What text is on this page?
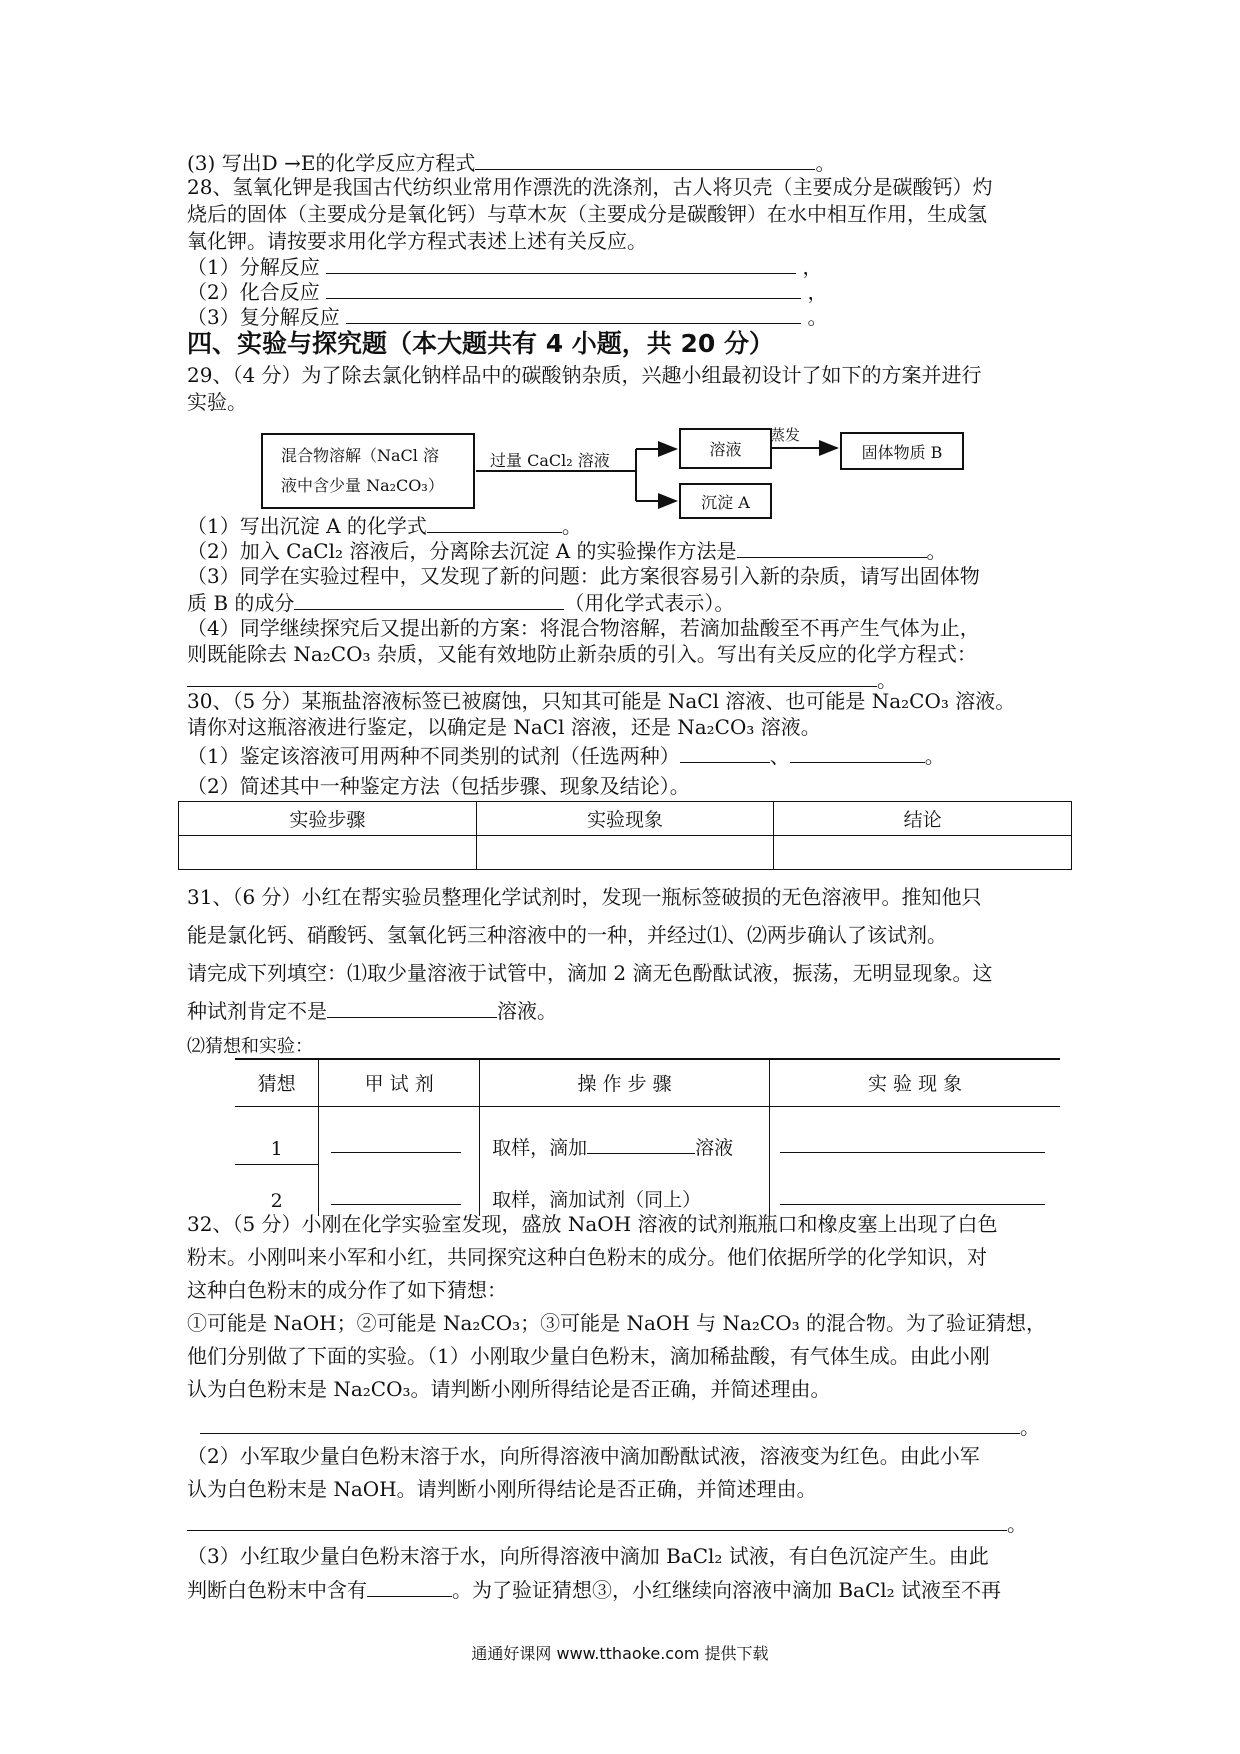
(3) 写出D →E的化学反应方程式	。
28、氢氧化钾是我国古代纺织业常用作漂洗的洗涤剂，古人将贝壳（主要成分是碳酸钙）灼
烧后的固体（主要成分是氧化钙）与草木灰（主要成分是碳酸钾）在水中相互作用，生成氢
氧化钾。请按要求用化学方程式表述上述有关反应。
（1）分解反应	，
（2）化合反应	，
（3）复分解反应	。
四、实验与探究题（本大题共有 4 小题，共 20 分）
29、（4 分）为了除去氯化钠样品中的碳酸钠杂质，兴趣小组最初设计了如下的方案并进行
实验。
混合物溶解（NaCl 溶
液中含少量 Na₂CO₃）
溶液	固体物质 B
沉淀 A
过量 CaCl₂ 溶液
蒸发
（1）写出沉淀 A 的化学式	。
（2）加入 CaCl₂ 溶液后，分离除去沉淀 A 的实验操作方法是	。
（3）同学在实验过程中，又发现了新的问题：此方案很容易引入新的杂质，请写出固体物
质 B 的成分	（用化学式表示）。
（4）同学继续探究后又提出新的方案：将混合物溶解，若滴加盐酸至不再产生气体为止，
则既能除去 Na₂CO₃ 杂质，又能有效地防止新杂质的引入。写出有关反应的化学方程式：
。
30、（5 分）某瓶盐溶液标签已被腐蚀，只知其可能是 NaCl 溶液、也可能是 Na₂CO₃ 溶液。
请你对这瓶溶液进行鉴定，以确定是 NaCl 溶液，还是 Na₂CO₃ 溶液。
（1）鉴定该溶液可用两种不同类别的试剂（任选两种）	、	。
（2）简述其中一种鉴定方法（包括步骤、现象及结论）。
实验步骤	实验现象	结论

31、（6 分）小红在帮实验员整理化学试剂时，发现一瓶标签破损的无色溶液甲。推知他只
能是氯化钙、硝酸钙、氢氧化钙三种溶液中的一种，并经过⑴、⑵两步确认了该试剂。
请完成下列填空：⑴取少量溶液于试管中，滴加 2 滴无色酚酞试液，振荡，无明显现象。这
种试剂肯定不是	溶液。
⑵猜想和实验：
猜想	甲 试 剂	操 作 步 骤	实 验 现 象
1		取样，滴加 溶液	
2		取样，滴加试剂（同上）	
32、（5 分）小刚在化学实验室发现，盛放 NaOH 溶液的试剂瓶瓶口和橡皮塞上出现了白色
粉末。小刚叫来小军和小红，共同探究这种白色粉末的成分。他们依据所学的化学知识，对
这种白色粉末的成分作了如下猜想：
①可能是 NaOH；②可能是 Na₂CO₃；③可能是 NaOH 与 Na₂CO₃ 的混合物。为了验证猜想，
他们分别做了下面的实验。（1）小刚取少量白色粉末，滴加稀盐酸，有气体生成。由此小刚
认为白色粉末是 Na₂CO₃。请判断小刚所得结论是否正确，并简述理由。
。
（2）小军取少量白色粉末溶于水，向所得溶液中滴加酚酞试液，溶液变为红色。由此小军
认为白色粉末是 NaOH。请判断小刚所得结论是否正确，并简述理由。
。
（3）小红取少量白色粉末溶于水，向所得溶液中滴加 BaCl₂ 试液，有白色沉淀产生。由此
判断白色粉末中含有	。为了验证猜想③，小红继续向溶液中滴加 BaCl₂ 试液至不再
通通好课网 www.tthaoke.com 提供下载
